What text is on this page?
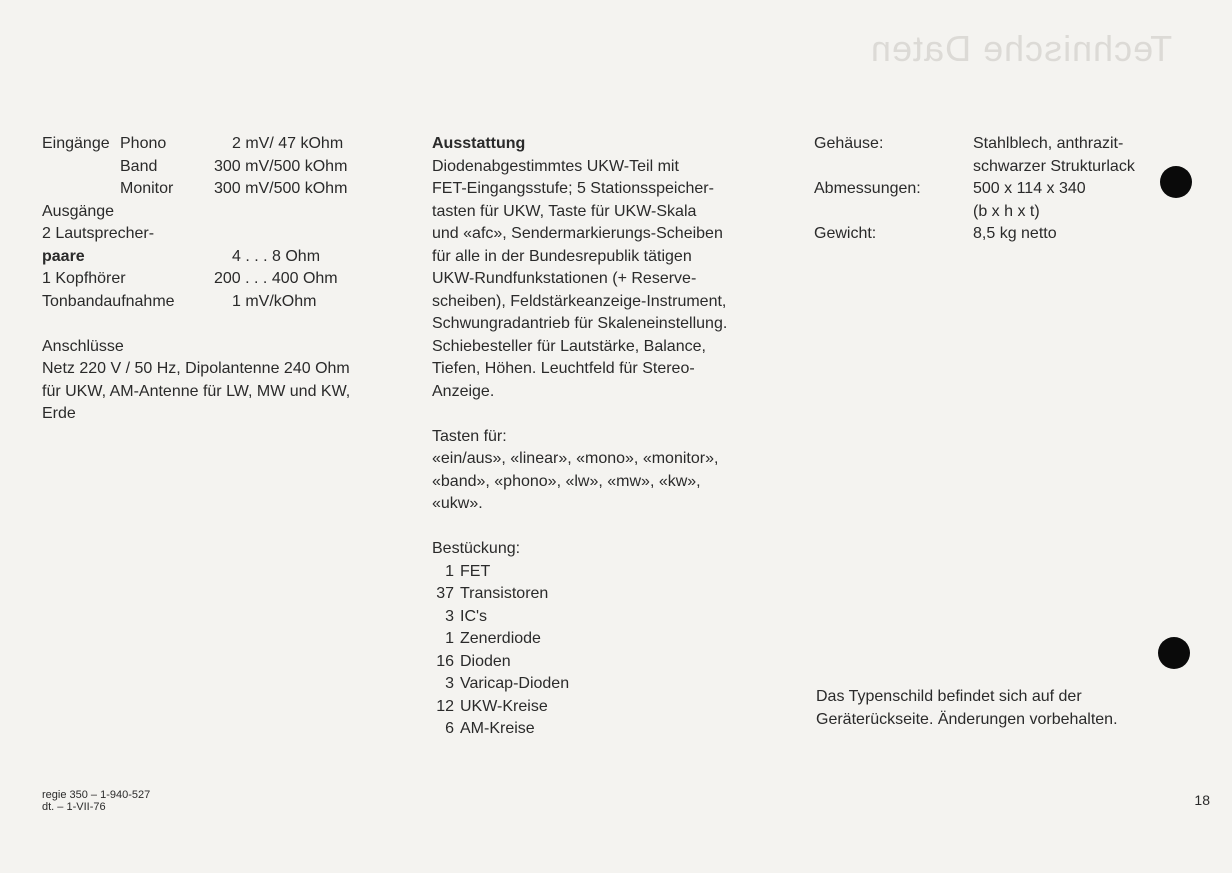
Technische Daten
Eingänge Phono	2 mV/ 47 kOhm
Band	300 mV/500 kOhm
Monitor	300 mV/500 kOhm
Ausgänge
2 Lautsprecher-
paare	4 . . . 8 Ohm
1 Kopfhörer	200 . . . 400 Ohm
Tonbandaufnahme	1 mV/kOhm
Anschlüsse
Netz 220 V / 50 Hz, Dipolantenne 240 Ohm
für UKW, AM-Antenne für LW, MW und KW,
Erde
Ausstattung
Diodenabgestimmtes UKW-Teil mit
FET-Eingangsstufe; 5 Stationsspeicher-
tasten für UKW, Taste für UKW-Skala
und «afc», Sendermarkierungs-Scheiben
für alle in der Bundesrepublik tätigen
UKW-Rundfunkstationen (+ Reserve-
scheiben), Feldstärkeanzeige-Instrument,
Schwungradantrieb für Skaleneinstellung.
Schiebesteller für Lautstärke, Balance,
Tiefen, Höhen. Leuchtfeld für Stereo-
Anzeige.
Tasten für:
«ein/aus», «linear», «mono», «monitor»,
«band», «phono», «lw», «mw», «kw»,
«ukw».
Bestückung:
1 FET
37 Transistoren
3 IC's
1 Zenerdiode
16 Dioden
3 Varicap-Dioden
12 UKW-Kreise
6 AM-Kreise
Gehäuse:	Stahlblech, anthrazit-
schwarzer Strukturlack
Abmessungen:	500 x 114 x 340
(b x h x t)
Gewicht:	8,5 kg netto
Das Typenschild befindet sich auf der
Geräterückseite. Änderungen vorbehalten.
regie 350 – 1-940-527
dt. – 1-VII-76	18
